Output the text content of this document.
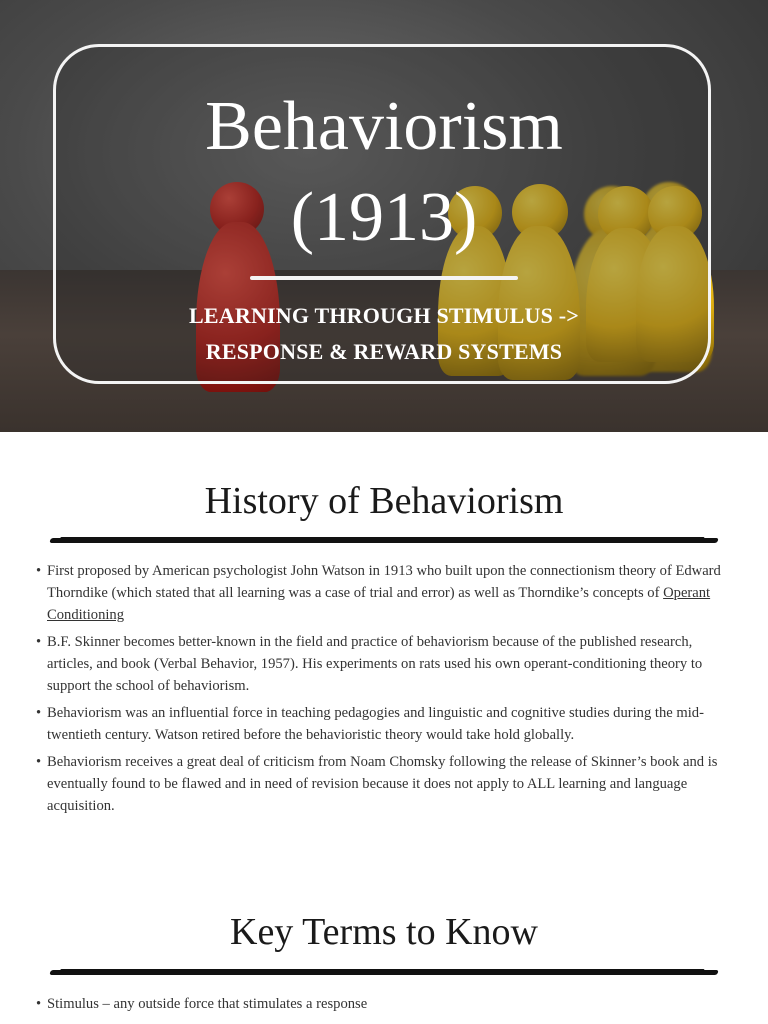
Behaviorism
(1913)
LEARNING THROUGH STIMULUS ->
RESPONSE & REWARD SYSTEMS
History of Behaviorism
• First proposed by American psychologist John Watson in 1913 who built upon the connectionism theory of Edward Thorndike (which stated that all learning was a case of trial and error) as well as Thorndike’s concepts of Operant Conditioning
• B.F. Skinner becomes better-known in the field and practice of behaviorism because of the published research, articles, and book (Verbal Behavior, 1957). His experiments on rats used his own operant-conditioning theory to support the school of behaviorism.
• Behaviorism was an influential force in teaching pedagogies and linguistic and cognitive studies during the mid-twentieth century. Watson retired before the behavioristic theory would take hold globally.
• Behaviorism receives a great deal of criticism from Noam Chomsky following the release of Skinner’s book and is eventually found to be flawed and in need of revision because it does not apply to ALL learning and language acquisition.
Key Terms to Know
• Stimulus – any outside force that stimulates a response
